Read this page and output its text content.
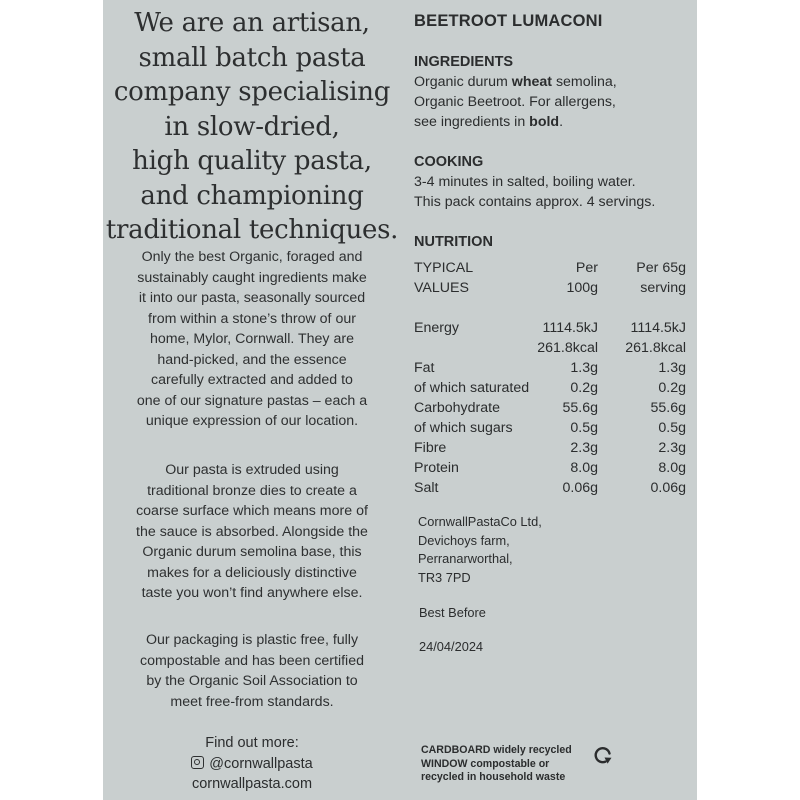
We are an artisan,
small batch pasta
company specialising
in slow-dried,
high quality pasta,
and championing
traditional techniques.
Only the best Organic, foraged and
sustainably caught ingredients make
it into our pasta, seasonally sourced
from within a stone’s throw of our
home, Mylor, Cornwall. They are
hand-picked, and the essence
carefully extracted and added to
one of our signature pastas – each a
unique expression of our location.
Our pasta is extruded using
traditional bronze dies to create a
coarse surface which means more of
the sauce is absorbed. Alongside the
Organic durum semolina base, this
makes for a deliciously distinctive
taste you won’t find anywhere else.
Our packaging is plastic free, fully
compostable and has been certified
by the Organic Soil Association to
meet free-from standards.
Find out more:
@cornwallpasta
cornwallpasta.com
BEETROOT LUMACONI
INGREDIENTS
Organic durum wheat semolina,
Organic Beetroot. For allergens,
see ingredients in bold.
COOKING
3-4 minutes in salted, boiling water.
This pack contains approx. 4 servings.
NUTRITION
TYPICAL	Per	Per 65g
VALUES	100g	serving
Energy	1114.5kJ 1114.5kJ
261.8kcal 261.8kcal
Fat	1.3g	1.3g
of which saturated	0.2g	0.2g
Carbohydrate	55.6g	55.6g
of which sugars	0.5g	0.5g
Fibre	2.3g	2.3g
Protein	8.0g	8.0g
Salt	0.06g	0.06g
CornwallPastaCo Ltd,
Devichoys farm,
Perranarworthal,
TR3 7PD
Best Before
24/04/2024
CARDBOARD widely recycled
WINDOW compostable or
recycled in household waste
